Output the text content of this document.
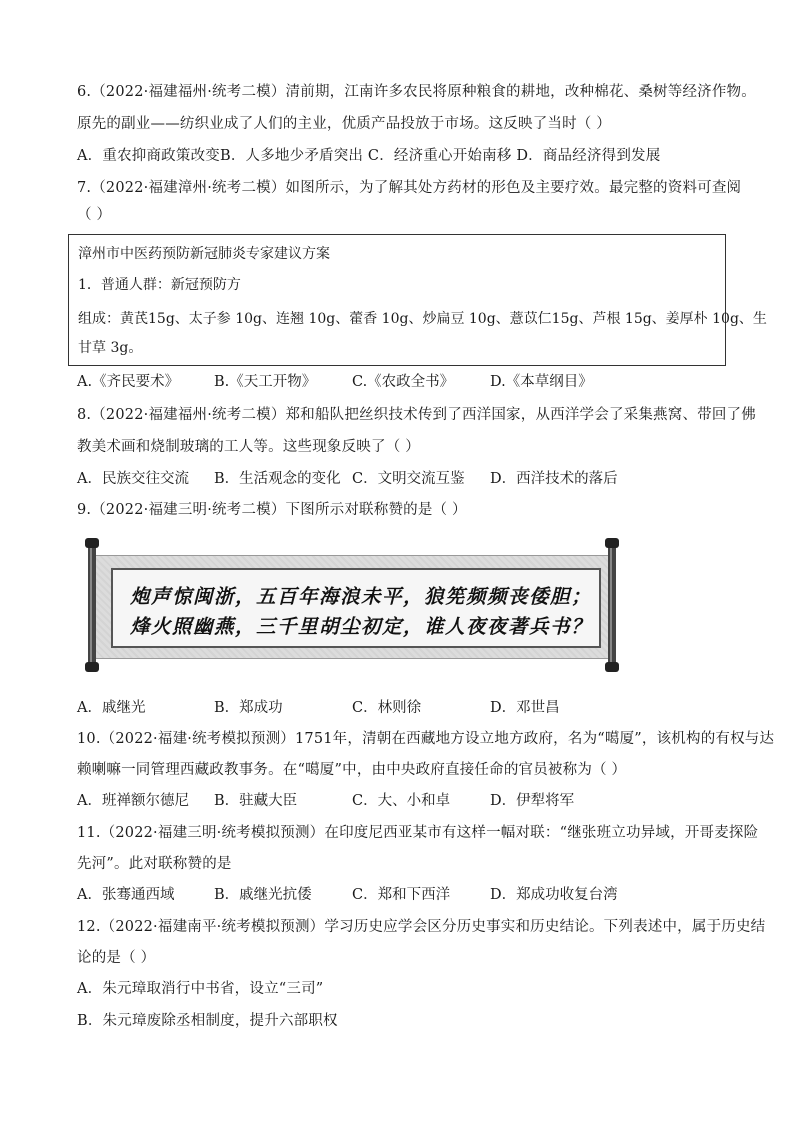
6.（2022·福建福州·统考二模）清前期，江南许多农民将原种粮食的耕地，改种棉花、桑树等经济作物。
原先的副业——纺织业成了人们的主业，优质产品投放于市场。这反映了当时（ ）
A．重农抑商政策改变B．人多地少矛盾突出 C．经济重心开始南移 D．商品经济得到发展
7.（2022·福建漳州·统考二模）如图所示，为了解其处方药材的形色及主要疗效。最完整的资料可查阅
（ ）
漳州市中医药预防新冠肺炎专家建议方案
1．普通人群：新冠预防方
组成：黄芪15g、太子参 10g、连翘 10g、藿香 10g、炒扁豆 10g、薏苡仁15g、芦根 15g、姜厚朴 10g、生
甘草 3g。
A.《齐民要术》 B.《天工开物》 C.《农政全书》 D.《本草纲目》
8.（2022·福建福州·统考二模）郑和船队把丝织技术传到了西洋国家，从西洋学会了采集燕窝、带回了佛
教美术画和烧制玻璃的工人等。这些现象反映了（ ）
A．民族交往交流 B．生活观念的变化 C．文明交流互鉴 D．西洋技术的落后
9.（2022·福建三明·统考二模）下图所示对联称赞的是（ ）
炮声惊闽浙，五百年海浪未平，狼筅频频丧倭胆；
烽火照幽燕，三千里胡尘初定，谁人夜夜著兵书？
A．戚继光	B．郑成功	C．林则徐	D．邓世昌
10.（2022·福建·统考模拟预测）1751年，清朝在西藏地方设立地方政府，名为“噶厦”，该机构的有权与达
赖喇嘛一同管理西藏政教事务。在“噶厦”中，由中央政府直接任命的官员被称为（ ）
A．班禅额尔德尼 B．驻藏大臣	C．大、小和卓	D．伊犁将军
11.（2022·福建三明·统考模拟预测）在印度尼西亚某市有这样一幅对联：“继张班立功异域，开哥麦探险
先河”。此对联称赞的是
A．张骞通西域	B．戚继光抗倭	C．郑和下西洋	D．郑成功收复台湾
12.（2022·福建南平·统考模拟预测）学习历史应学会区分历史事实和历史结论。下列表述中，属于历史结
论的是（ ）
A．朱元璋取消行中书省，设立“三司”
B．朱元璋废除丞相制度，提升六部职权
